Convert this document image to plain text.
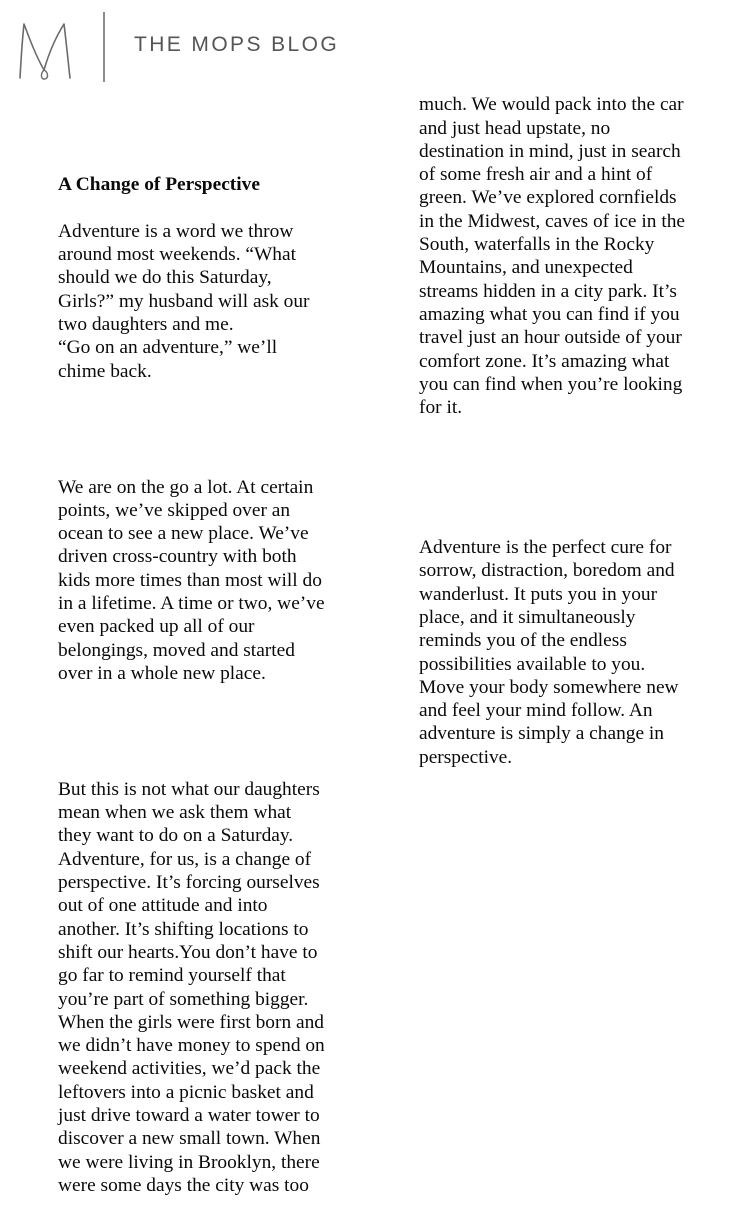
THE MOPS BLOG

A Change of Perspective

Adventure is a word we throw
around most weekends. “What
should we do this Saturday,
Girls?” my husband will ask our
two daughters and me.
“Go on an adventure,” we’ll
chime back.

We are on the go a lot. At certain
points, we’ve skipped over an
ocean to see a new place. We’ve
driven cross-country with both
kids more times than most will do
in a lifetime. A time or two, we’ve
even packed up all of our
belongings, moved and started
over in a whole new place.

But this is not what our daughters
mean when we ask them what
they want to do on a Saturday.
Adventure, for us, is a change of
perspective. It’s forcing ourselves
out of one attitude and into
another. It’s shifting locations to
shift our hearts.You don’t have to
go far to remind yourself that
you’re part of something bigger.
When the girls were first born and
we didn’t have money to spend on
weekend activities, we’d pack the
leftovers into a picnic basket and
just drive toward a water tower to
discover a new small town. When
we were living in Brooklyn, there
were some days the city was too

much. We would pack into the car
and just head upstate, no
destination in mind, just in search
of some fresh air and a hint of
green. We’ve explored cornfields
in the Midwest, caves of ice in the
South, waterfalls in the Rocky
Mountains, and unexpected
streams hidden in a city park. It’s
amazing what you can find if you
travel just an hour outside of your
comfort zone. It’s amazing what
you can find when you’re looking
for it.

Adventure is the perfect cure for
sorrow, distraction, boredom and
wanderlust. It puts you in your
place, and it simultaneously
reminds you of the endless
possibilities available to you.
Move your body somewhere new
and feel your mind follow. An
adventure is simply a change in
perspective.
